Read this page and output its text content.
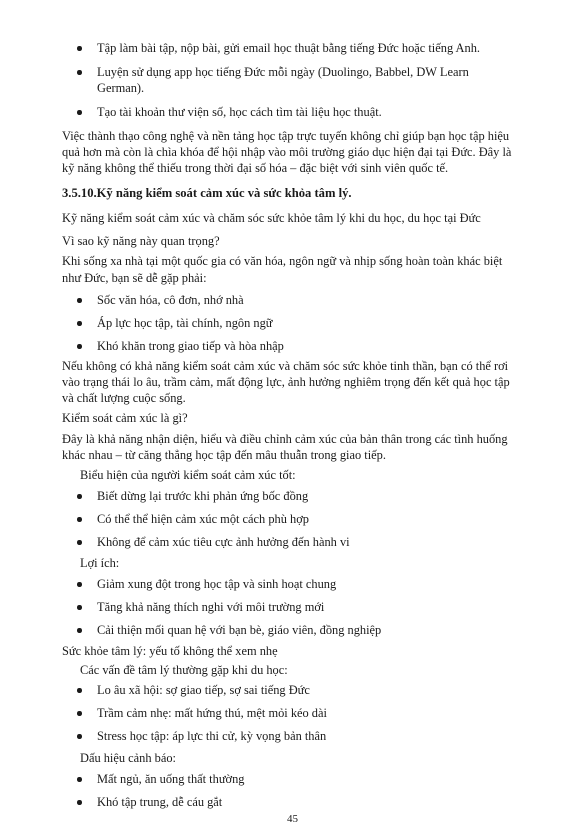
Tập làm bài tập, nộp bài, gửi email học thuật bằng tiếng Đức hoặc tiếng Anh.
Luyện sử dụng app học tiếng Đức mỗi ngày (Duolingo, Babbel, DW Learn
German).
Tạo tài khoản thư viện số, học cách tìm tài liệu học thuật.
Việc thành thạo công nghệ và nền tảng học tập trực tuyến không chỉ giúp bạn học tập hiệu
quả hơn mà còn là chìa khóa để hội nhập vào môi trường giáo dục hiện đại tại Đức. Đây là
kỹ năng không thể thiếu trong thời đại số hóa – đặc biệt với sinh viên quốc tế.
3.5.10.Kỹ năng kiểm soát cảm xúc và sức khỏa tâm lý.
Kỹ năng kiểm soát cảm xúc và chăm sóc sức khỏe tâm lý khi du học, du học tại Đức
Vì sao kỹ năng này quan trọng?
Khi sống xa nhà tại một quốc gia có văn hóa, ngôn ngữ và nhịp sống hoàn toàn khác biệt
như Đức, bạn sẽ dễ gặp phải:
Sốc văn hóa, cô đơn, nhớ nhà
Áp lực học tập, tài chính, ngôn ngữ
Khó khăn trong giao tiếp và hòa nhập
Nếu không có khả năng kiểm soát cảm xúc và chăm sóc sức khỏe tinh thần, bạn có thể rơi
vào trạng thái lo âu, trầm cảm, mất động lực, ảnh hưởng nghiêm trọng đến kết quả học tập
và chất lượng cuộc sống.
Kiểm soát cảm xúc là gì?
Đây là khả năng nhận diện, hiểu và điều chỉnh cảm xúc của bản thân trong các tình huống
khác nhau – từ căng thẳng học tập đến mâu thuẫn trong giao tiếp.
Biểu hiện của người kiểm soát cảm xúc tốt:
Biết dừng lại trước khi phản ứng bốc đồng
Có thể thể hiện cảm xúc một cách phù hợp
Không để cảm xúc tiêu cực ảnh hưởng đến hành vi
Lợi ích:
Giảm xung đột trong học tập và sinh hoạt chung
Tăng khả năng thích nghi với môi trường mới
Cải thiện mối quan hệ với bạn bè, giáo viên, đồng nghiệp
Sức khỏe tâm lý: yếu tố không thể xem nhẹ
Các vấn đề tâm lý thường gặp khi du học:
Lo âu xã hội: sợ giao tiếp, sợ sai tiếng Đức
Trầm cảm nhẹ: mất hứng thú, mệt mỏi kéo dài
Stress học tập: áp lực thi cử, kỳ vọng bản thân
Dấu hiệu cảnh báo:
Mất ngủ, ăn uống thất thường
Khó tập trung, dễ cáu gắt
45
